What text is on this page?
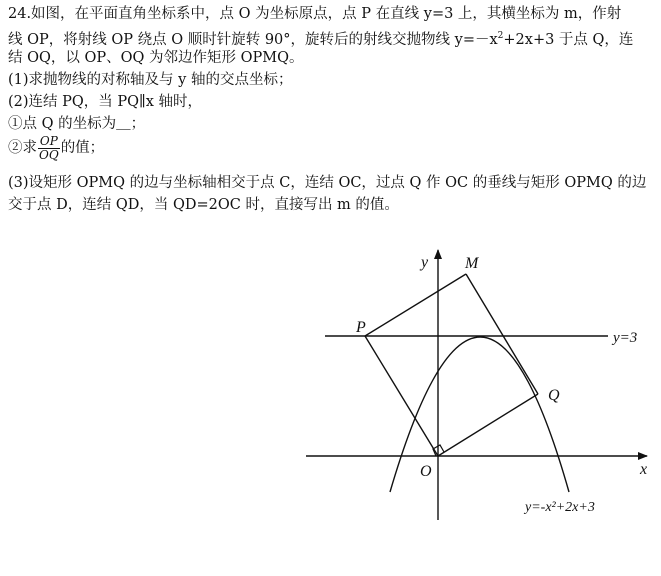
24.如图，在平面直角坐标系中，点 O 为坐标原点，点 P 在直线 y=3 上，其横坐标为 m，作射
线 OP，将射线 OP 绕点 O 顺时针旋转 90°，旋转后的射线交抛物线 $y=-x^2+2x+3$ 于点 Q，连
结 OQ，以 OP、OQ 为邻边作矩形 OPMQ。
(1)求抛物线的对称轴及与 y 轴的交点坐标；
(2)连结 PQ，当 PQ∥x 轴时，
①点 Q 的坐标为＿；
②求 $\frac{OP}{OQ}$ 的值；
(3)设矩形 OPMQ 的边与坐标轴相交于点 C，连结 OC，过点 Q 作 OC 的垂线与矩形 OPMQ 的边
交于点 D，连结 QD，当 QD=2OC 时，直接写出 m 的值。
y
x
M
P
Q
O
y=3
y=-x²+2x+3
